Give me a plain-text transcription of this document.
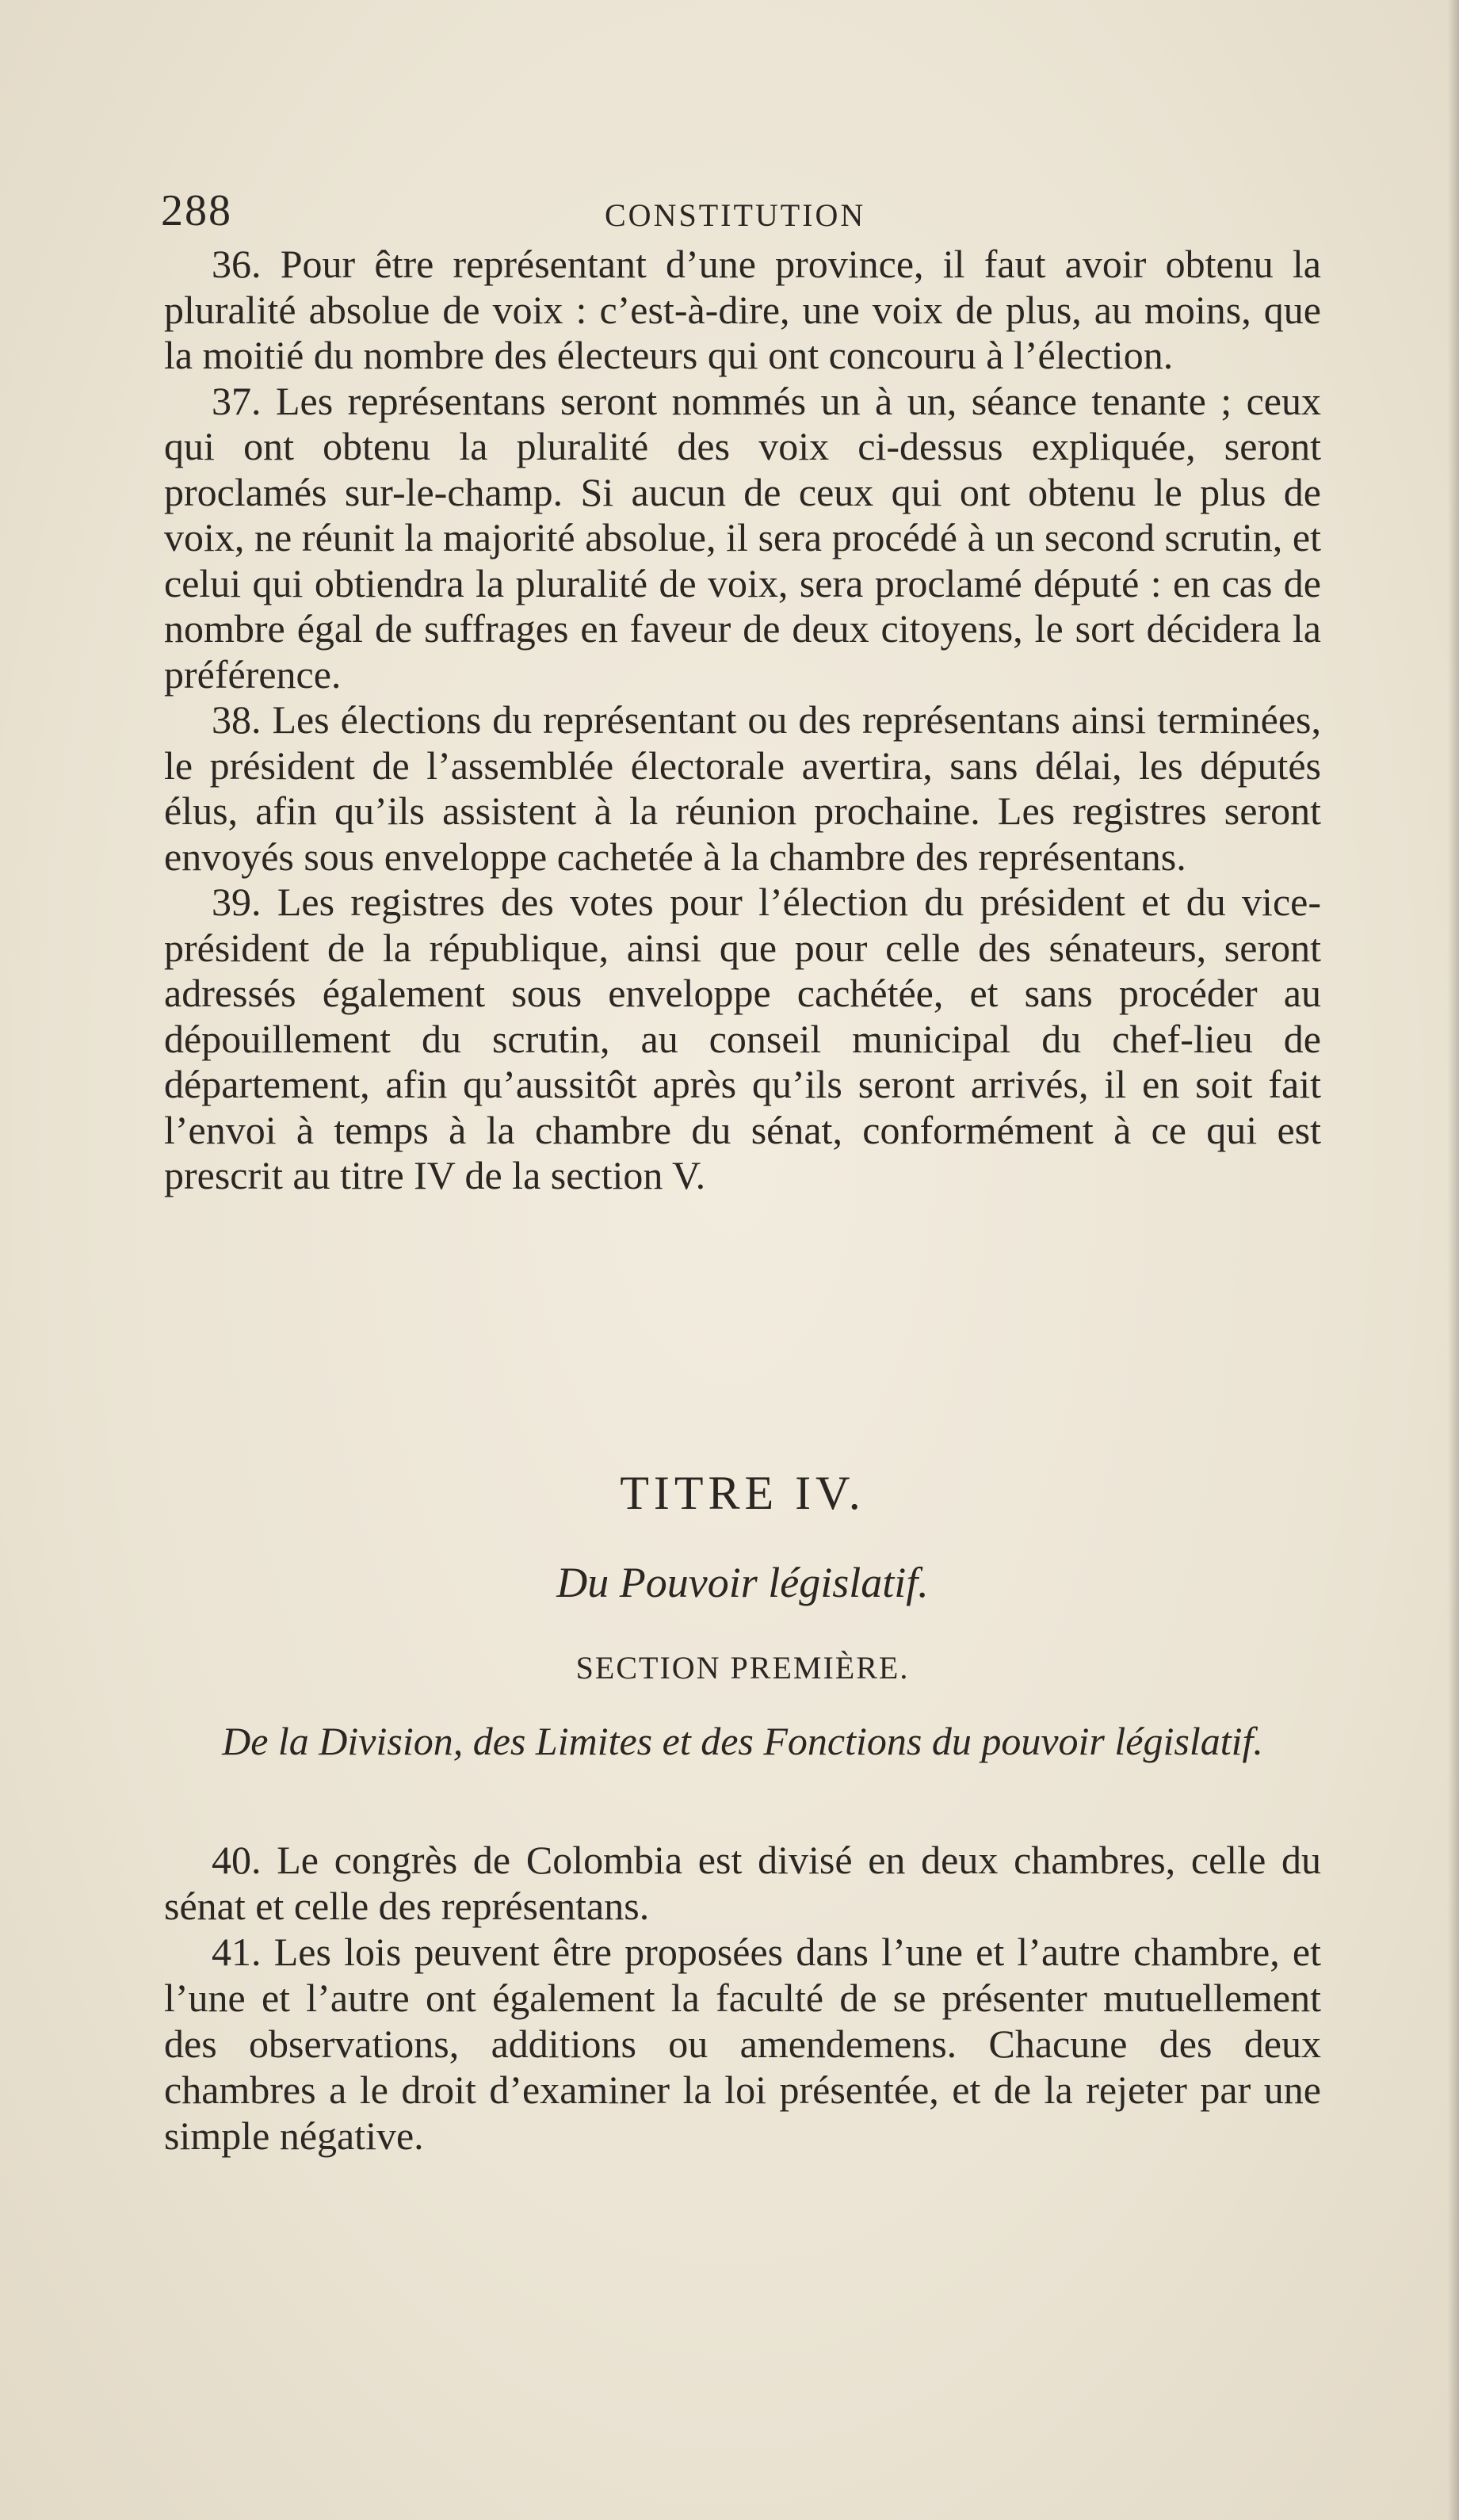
288	CONSTITUTION

36. Pour être représentant d’une province, il faut avoir obtenu la pluralité absolue de voix : c’est-à-dire, une voix de plus, au moins, que la moitié du nombre des électeurs qui ont concouru à l’élection.

37. Les représentans seront nommés un à un, séance tenante ; ceux qui ont obtenu la pluralité des voix ci-dessus expliquée, seront proclamés sur-le-champ. Si aucun de ceux qui ont obtenu le plus de voix, ne réunit la majorité absolue, il sera procédé à un second scrutin, et celui qui obtiendra la pluralité de voix, sera proclamé député : en cas de nombre égal de suffrages en faveur de deux citoyens, le sort décidera la préférence.

38. Les élections du représentant ou des représentans ainsi terminées, le président de l’assemblée électorale avertira, sans délai, les députés élus, afin qu’ils assistent à la réunion prochaine. Les registres seront envoyés sous enveloppe cachetée à la chambre des représentans.

39. Les registres des votes pour l’élection du président et du vice-président de la république, ainsi que pour celle des sénateurs, seront adressés également sous enveloppe cachétée, et sans procéder au dépouillement du scrutin, au conseil municipal du chef-lieu de département, afin qu’aussitôt après qu’ils seront arrivés, il en soit fait l’envoi à temps à la chambre du sénat, conformément à ce qui est prescrit au titre IV de la section V.

TITRE IV.
Du Pouvoir législatif.
SECTION PREMIÈRE.
De la Division, des Limites et des Fonctions du pouvoir législatif.

40. Le congrès de Colombia est divisé en deux chambres, celle du sénat et celle des représentans.

41. Les lois peuvent être proposées dans l’une et l’autre chambre, et l’une et l’autre ont également la faculté de se présenter mutuellement des observations, additions ou amendemens. Chacune des deux chambres a le droit d’examiner la loi présentée, et de la rejeter par une simple négative.
